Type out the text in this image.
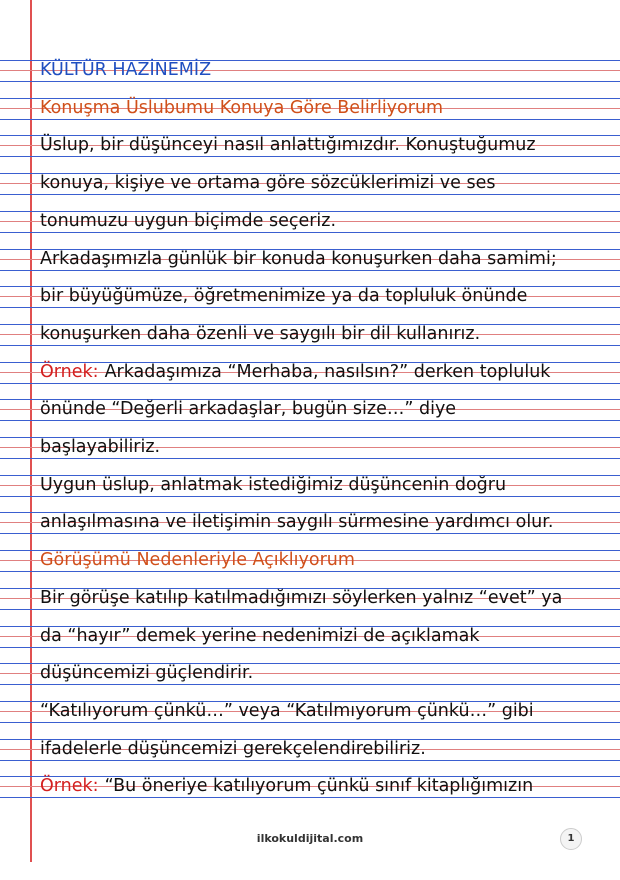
KÜLTÜR HAZİNEMİZ
Konuşma Üslubumu Konuya Göre Belirliyorum
Üslup, bir düşünceyi nasıl anlattığımızdır. Konuştuğumuz
konuya, kişiye ve ortama göre sözcüklerimizi ve ses
tonumuzu uygun biçimde seçeriz.
Arkadaşımızla günlük bir konuda konuşurken daha samimi;
bir büyüğümüze, öğretmenimize ya da topluluk önünde
konuşurken daha özenli ve saygılı bir dil kullanırız.
Örnek: Arkadaşımıza “Merhaba, nasılsın?” derken topluluk
önünde “Değerli arkadaşlar, bugün size…” diye
başlayabiliriz.
Uygun üslup, anlatmak istediğimiz düşüncenin doğru
anlaşılmasına ve iletişimin saygılı sürmesine yardımcı olur.
Görüşümü Nedenleriyle Açıklıyorum
Bir görüşe katılıp katılmadığımızı söylerken yalnız “evet” ya
da “hayır” demek yerine nedenimizi de açıklamak
düşüncemizi güçlendirir.
“Katılıyorum çünkü…” veya “Katılmıyorum çünkü…” gibi
ifadelerle düşüncemizi gerekçelendirebiliriz.
Örnek: “Bu öneriye katılıyorum çünkü sınıf kitaplığımızın
ilkokuldijital.com	1
